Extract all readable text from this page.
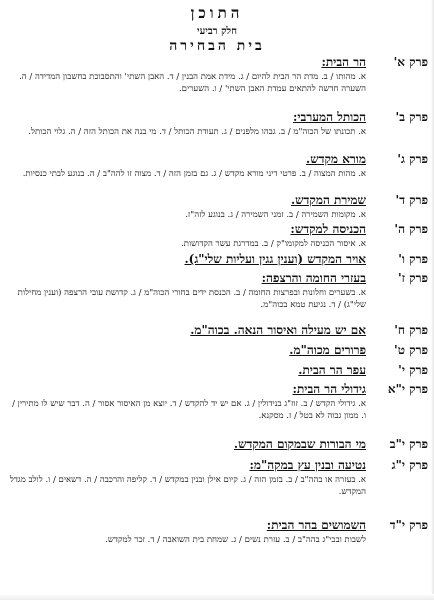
התוכן
חלק רביעי
בית הבחירה
פרק א'
הר הבית:
א. מהותו / ב. מדת הר הבית להיום / ג. מידת אמת הבנין / ד. האבן השתי' והתסבוכת בחשבון המדידה / ה. השערה חדשה להתאים עמדת האבן השתי' / ו. השערים.
פרק ב'
הכותל המערבי:
א. תכונתו של הכוה"מ / ב. גבהו מלפנים / ג. תעודת הכותל / ד. מי בנה את הכותל הזה / ה. גלוי הכותל.
פרק ג'
מורא מקדש.
א. מהות המצוה / ב. פרטי דיני מורא מקדש / ג. גם בזמן הזה / ד. מצוה זו להה"ב / ה. בנוגע לבתי כנסיות.
פרק ד'
שמירת המקדש.
א. מקומות השמירה / ב. זמני השמירה / ג. בנוגע לזה"ז.
פרק ה'
הכניסה למקדש:
א. איסור הכניסה למקומו"ק / ב. במדרגת עשר הקדושות.
פרק ו'
אויר המקדש (וענין גגין ועליות שלי"ג).
פרק ז'
בעזרי החומה והרצפה:
א. בשערים וחלונות ובפרצות החומה / ב. הכנסת ידים בחורי הכוה"מ / ג. קדושת עובי הרצפה (וענין מחילות שלי"ג) / ד. נגיעת טמא בכוה"מ.
פרק ח'
אם יש מעילה ואיסור הנאה. בכוה"מ.
פרק ט'
פרורים מכוה"מ.
פרק י'
עפר הר הבית.
פרק י"א
גידולי הר הבית:
א. גידולי הקדש / ב. זוז"ג בנידולין / ג. אם יש יד להקדש / ד. יוצא מן האיסור אסור / ה. דבר שיש לו מתירין / ו. ממון גבוה לא בטל / ז. מסקנא.
פרק י"ב
מי הבורות שבמקום המקדש.
פרק י"ג
נטיעה ובנין עץ במקה"מ:
א. בעזרה או בהה"ב / ב. בזמן הזה / ג. קיום אילן ובנין במקדש / ד. קליפה והרכבה / ה. דשאים / ו. לולב מגדל המקדש.
פרק י"ד
השמושים בהר הבית:
לשבות ובכי"ג בהה"ב / ב. עזרת נשים / ג. שמחת בית השואבה / ד. זכר למקדש.
